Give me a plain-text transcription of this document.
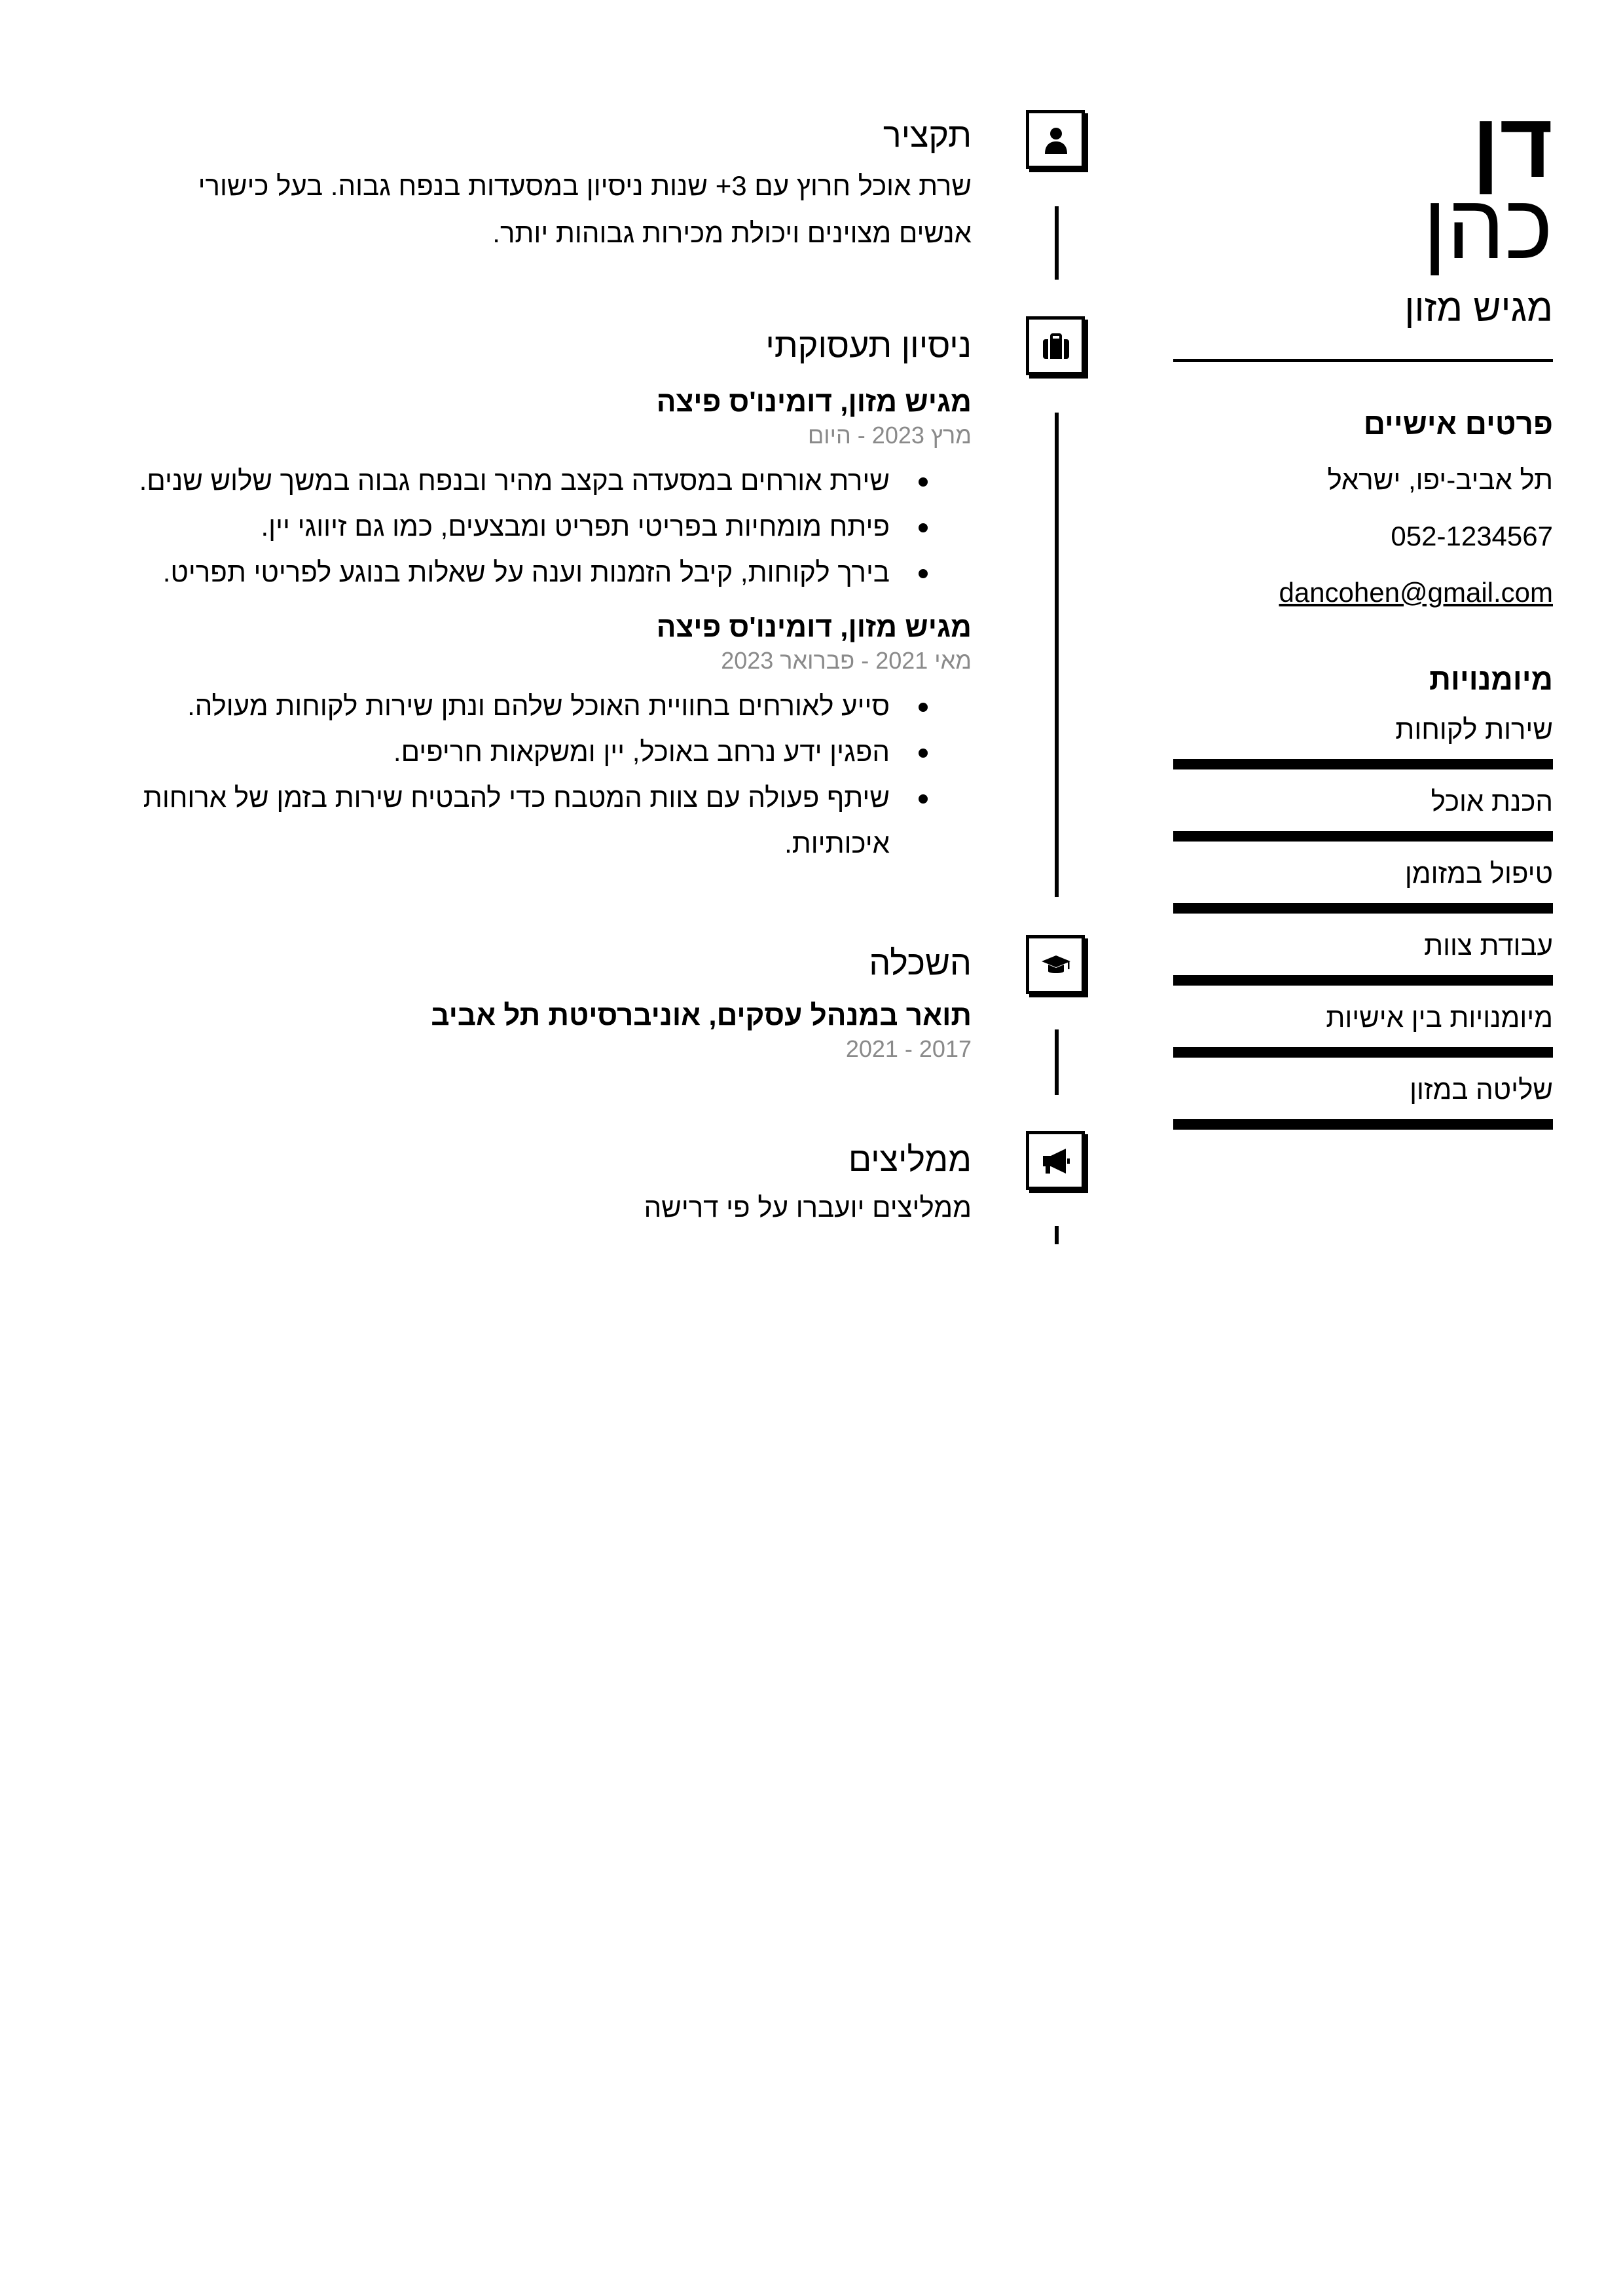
דן
כהן
מגיש מזון
פרטים אישיים
תל אביב-יפו, ישראל
052-1234567
dancohen@gmail.com
מיומנויות
שירות לקוחות
הכנת אוכל
טיפול במזומן
עבודת צוות
מיומנויות בין אישיות
שליטה במזון
תקציר
שרת אוכל חרוץ עם 3+ שנות ניסיון במסעדות בנפח גבוה. בעל כישורי אנשים מצוינים ויכולת מכירות גבוהות יותר.
ניסיון תעסוקתי
מגיש מזון, דומינו'ס פיצה
מרץ 2023 - היום
שירת אורחים במסעדה בקצב מהיר ובנפח גבוה במשך שלוש שנים.
פיתח מומחיות בפריטי תפריט ומבצעים, כמו גם זיווגי יין.
בירך לקוחות, קיבל הזמנות וענה על שאלות בנוגע לפריטי תפריט.
מגיש מזון, דומינו'ס פיצה
מאי 2021 - פברואר 2023
סייע לאורחים בחוויית האוכל שלהם ונתן שירות לקוחות מעולה.
הפגין ידע נרחב באוכל, יין ומשקאות חריפים.
שיתף פעולה עם צוות המטבח כדי להבטיח שירות בזמן של ארוחות איכותיות.
השכלה
תואר במנהל עסקים, אוניברסיטת תל אביב
2017 - 2021
ממליצים
ממליצים יועברו על פי דרישה
